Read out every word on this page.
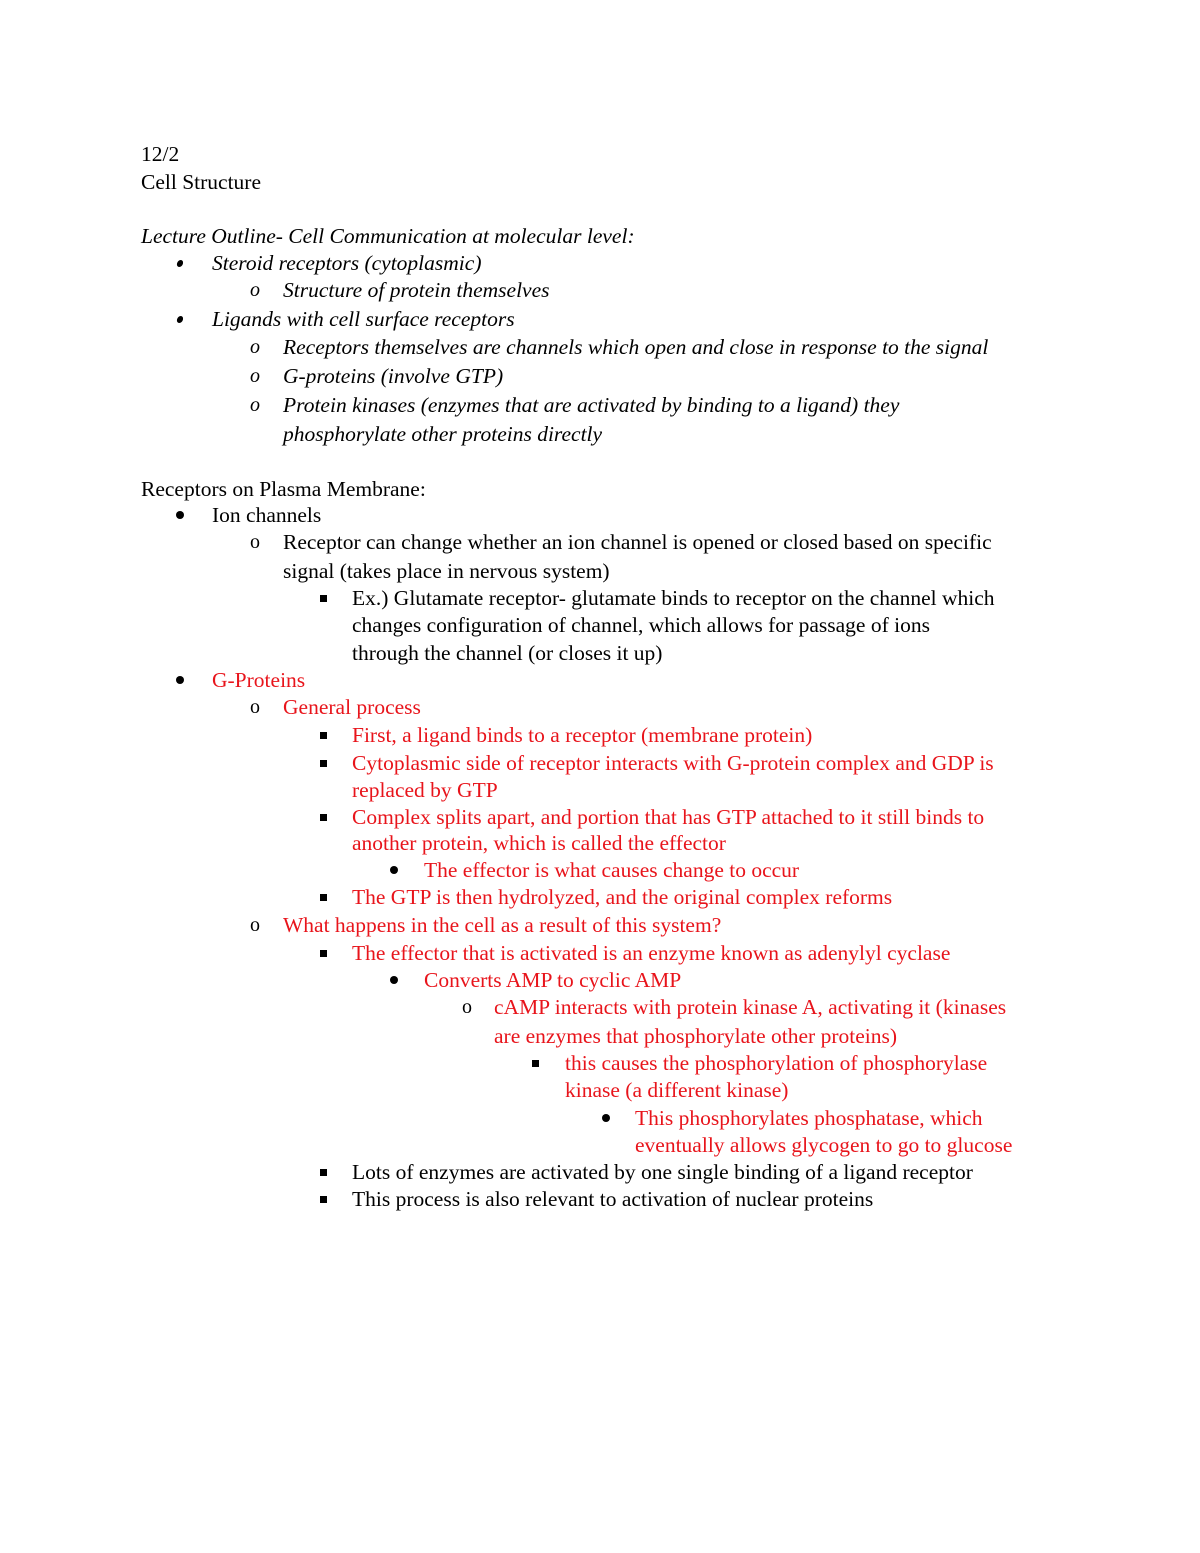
12/2
Cell Structure
Lecture Outline- Cell Communication at molecular level:
Steroid receptors (cytoplasmic)
o	Structure of protein themselves
Ligands with cell surface receptors
o	Receptors themselves are channels which open and close in response to the signal
o	G-proteins (involve GTP)
o	Protein kinases (enzymes that are activated by binding to a ligand) they
phosphorylate other proteins directly
Receptors on Plasma Membrane:
Ion channels
o	Receptor can change whether an ion channel is opened or closed based on specific
signal (takes place in nervous system)
Ex.) Glutamate receptor- glutamate binds to receptor on the channel which
changes configuration of channel, which allows for passage of ions
through the channel (or closes it up)
G-Proteins
o	General process
First, a ligand binds to a receptor (membrane protein)
Cytoplasmic side of receptor interacts with G-protein complex and GDP is
replaced by GTP
Complex splits apart, and portion that has GTP attached to it still binds to
another protein, which is called the effector
The effector is what causes change to occur
The GTP is then hydrolyzed, and the original complex reforms
o	What happens in the cell as a result of this system?
The effector that is activated is an enzyme known as adenylyl cyclase
Converts AMP to cyclic AMP
o	cAMP interacts with protein kinase A, activating it (kinases
are enzymes that phosphorylate other proteins)
this causes the phosphorylation of phosphorylase
kinase (a different kinase)
This phosphorylates phosphatase, which
eventually allows glycogen to go to glucose
Lots of enzymes are activated by one single binding of a ligand receptor
This process is also relevant to activation of nuclear proteins
